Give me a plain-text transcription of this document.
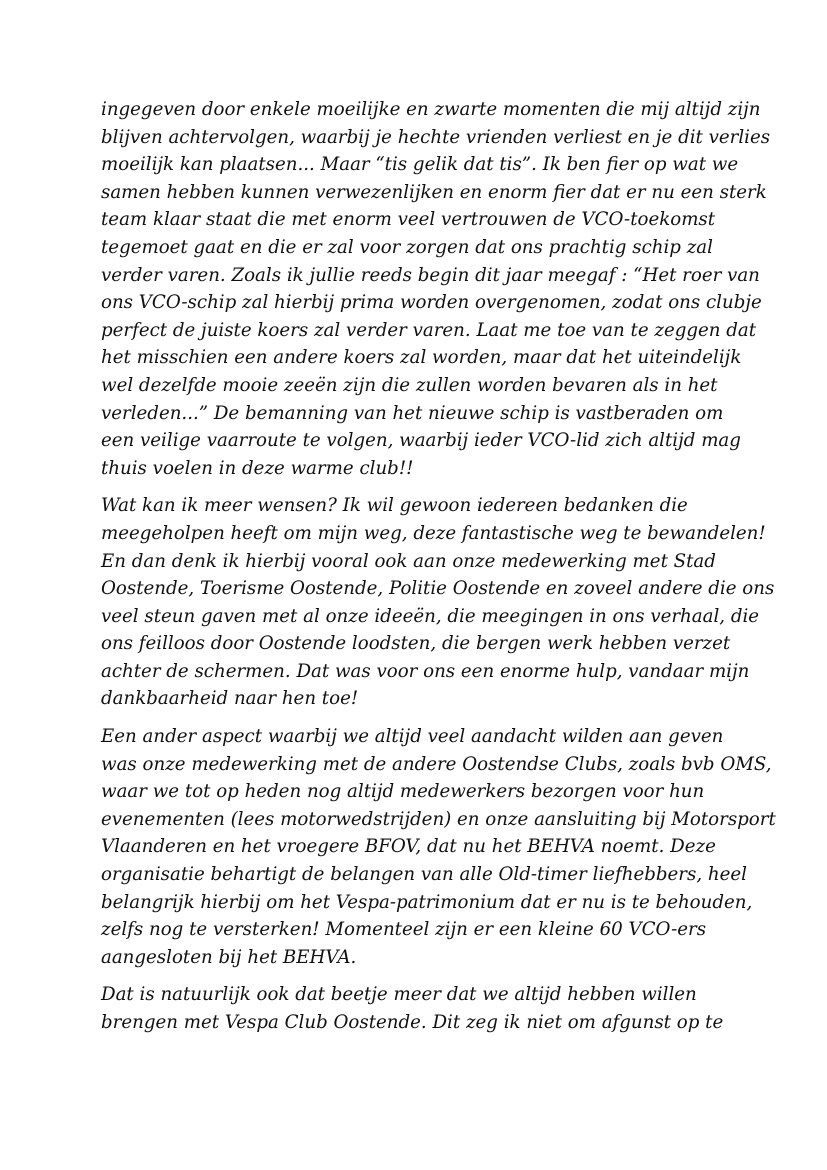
ingegeven door enkele moeilijke en zwarte momenten die mij altijd zijn
blijven achtervolgen, waarbij je hechte vrienden verliest en je dit verlies
moeilijk kan plaatsen... Maar “tis gelik dat tis”. Ik ben fier op wat we
samen hebben kunnen verwezenlijken en enorm fier dat er nu een sterk
team klaar staat die met enorm veel vertrouwen de VCO-toekomst
tegemoet gaat en die er zal voor zorgen dat ons prachtig schip zal
verder varen. Zoals ik jullie reeds begin dit jaar meegaf : “Het roer van
ons VCO-schip zal hierbij prima worden overgenomen, zodat ons clubje
perfect de juiste koers zal verder varen. Laat me toe van te zeggen dat
het misschien een andere koers zal worden, maar dat het uiteindelijk
wel dezelfde mooie zeeën zijn die zullen worden bevaren als in het
verleden...” De bemanning van het nieuwe schip is vastberaden om
een veilige vaarroute te volgen, waarbij ieder VCO-lid zich altijd mag
thuis voelen in deze warme club!!

Wat kan ik meer wensen? Ik wil gewoon iedereen bedanken die
meegeholpen heeft om mijn weg, deze fantastische weg te bewandelen!
En dan denk ik hierbij vooral ook aan onze medewerking met Stad
Oostende, Toerisme Oostende, Politie Oostende en zoveel andere die ons
veel steun gaven met al onze ideeën, die meegingen in ons verhaal, die
ons feilloos door Oostende loodsten, die bergen werk hebben verzet
achter de schermen. Dat was voor ons een enorme hulp, vandaar mijn
dankbaarheid naar hen toe!

Een ander aspect waarbij we altijd veel aandacht wilden aan geven
was onze medewerking met de andere Oostendse Clubs, zoals bvb OMS,
waar we tot op heden nog altijd medewerkers bezorgen voor hun
evenementen (lees motorwedstrijden) en onze aansluiting bij Motorsport
Vlaanderen en het vroegere BFOV, dat nu het BEHVA noemt. Deze
organisatie behartigt de belangen van alle Old-timer liefhebbers, heel
belangrijk hierbij om het Vespa-patrimonium dat er nu is te behouden,
zelfs nog te versterken! Momenteel zijn er een kleine 60 VCO-ers
aangesloten bij het BEHVA.

Dat is natuurlijk ook dat beetje meer dat we altijd hebben willen
brengen met Vespa Club Oostende. Dit zeg ik niet om afgunst op te
